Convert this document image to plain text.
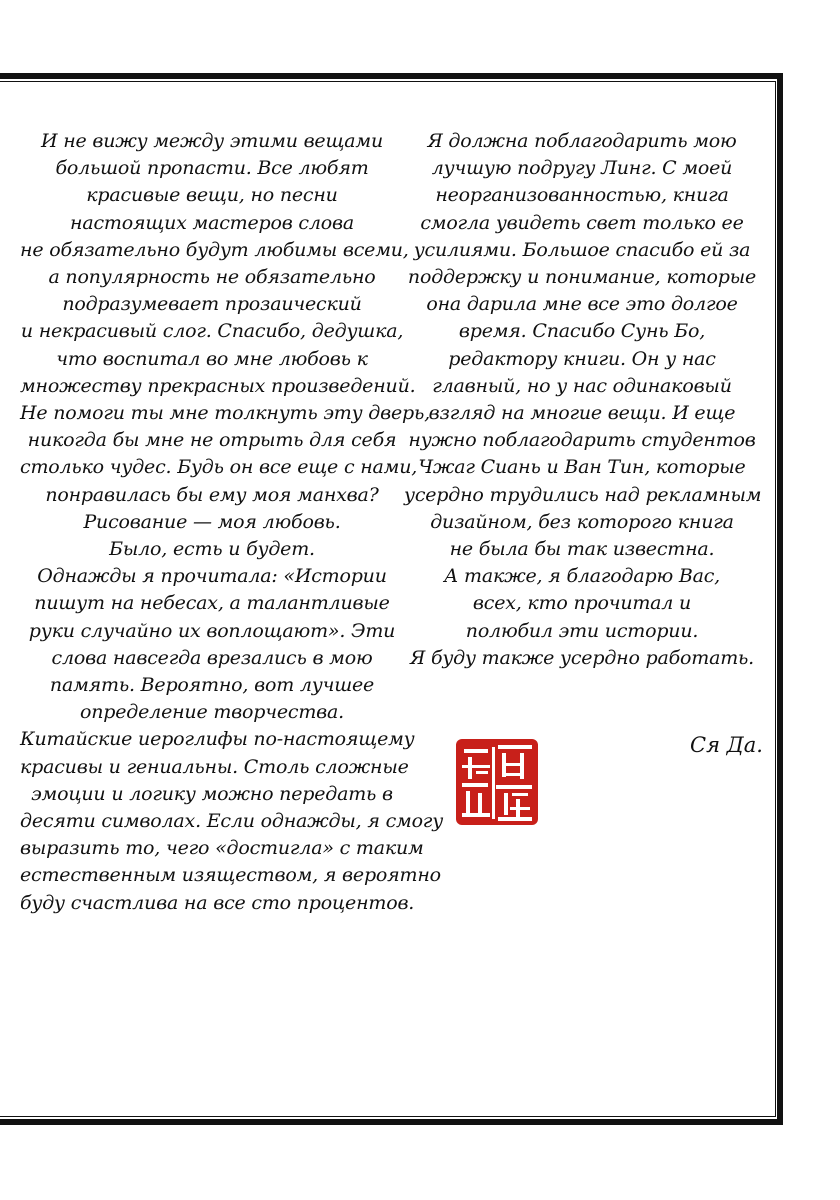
И не вижу между этими вещами
большой пропасти. Все любят
красивые вещи, но песни
настоящих мастеров слова
не обязательно будут любимы всеми,
а популярность не обязательно
подразумевает прозаический
и некрасивый слог. Спасибо, дедушка,
что воспитал во мне любовь к
множеству прекрасных произведений.
Не помоги ты мне толкнуть эту дверь,
никогда бы мне не отрыть для себя
столько чудес. Будь он все еще с нами,
понравилась бы ему моя манхва?
Рисование — моя любовь.
Было, есть и будет.
Однажды я прочитала: «Истории
пишут на небесах, а талантливые
руки случайно их воплощают». Эти
слова навсегда врезались в мою
память. Вероятно, вот лучшее
определение творчества.
Китайские иероглифы по-настоящему
красивы и гениальны. Столь сложные
эмоции и логику можно передать в
десяти символах. Если однажды, я смогу
выразить то, чего «достигла» с таким
естественным изяществом, я вероятно
буду счастлива на все сто процентов.
Я должна поблагодарить мою
лучшую подругу Линг. С моей
неорганизованностью, книга
смогла увидеть свет только ее
усилиями. Большое спасибо ей за
поддержку и понимание, которые
она дарила мне все это долгое
время. Спасибо Сунь Бо,
редактору книги. Он у нас
главный, но у нас одинаковый
взгляд на многие вещи. И еще
нужно поблагодарить студентов
Чжаг Сиань и Ван Тин, которые
усердно трудились над рекламным
дизайном, без которого книга
не была бы так известна.
А также, я благодарю Вас,
всех, кто прочитал и
полюбил эти истории.
Я буду также усердно работать.
Ся Да.
